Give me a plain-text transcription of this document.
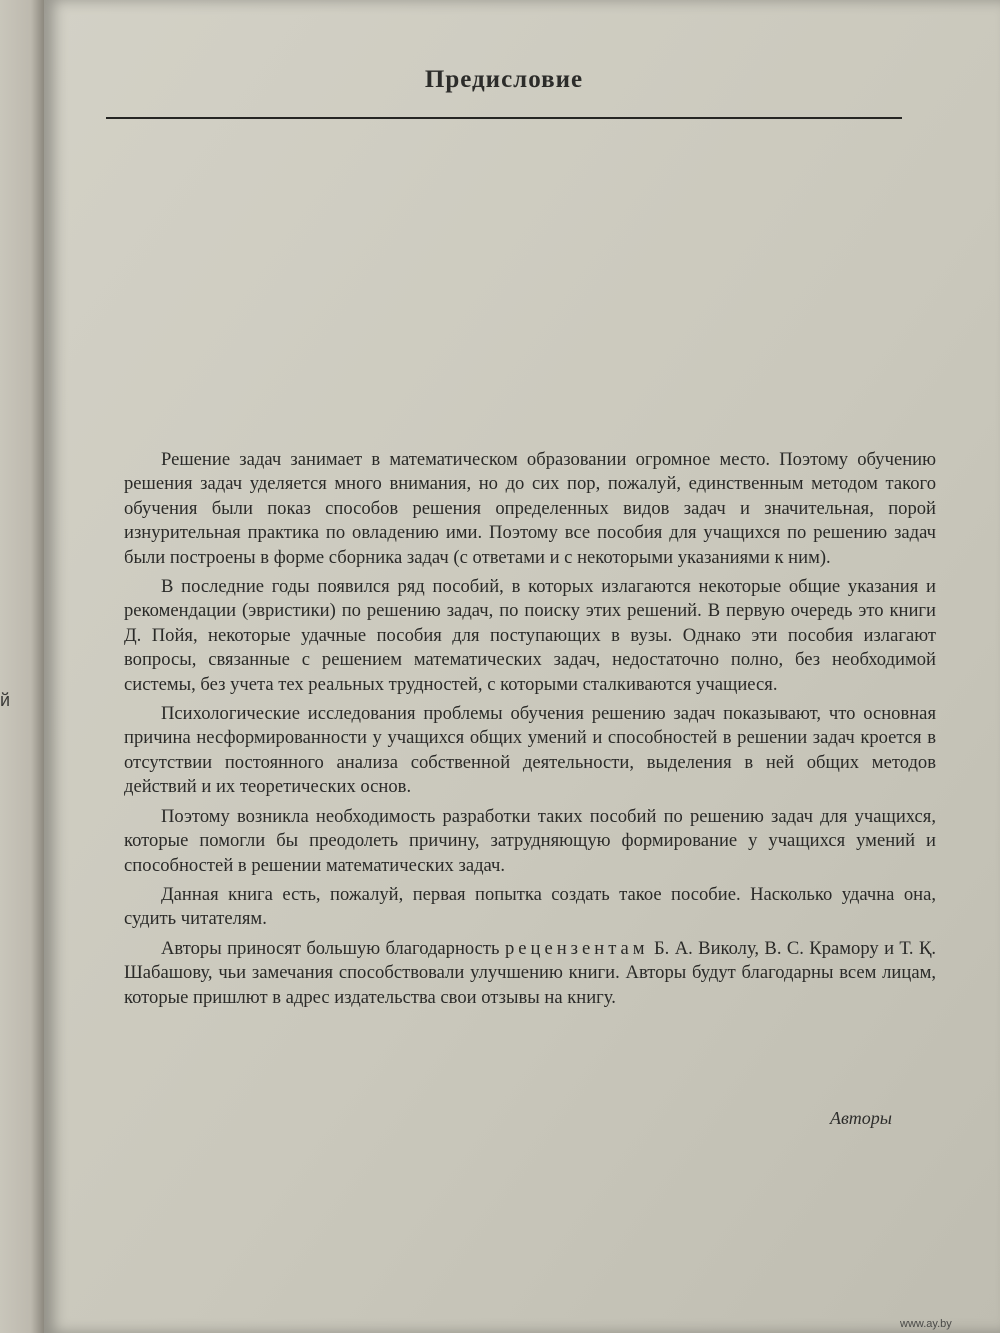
й
Предисловие

Решение задач занимает в математическом образовании огромное место. Поэтому обучению решения задач уделяется много внимания, но до сих пор, пожалуй, единственным методом такого обучения были показ способов решения определенных видов задач и значительная, порой изнурительная практика по овладению ими. Поэтому все пособия для учащихся по решению задач были построены в форме сборника задач (с ответами и с некоторыми указаниями к ним).

В последние годы появился ряд пособий, в которых излагаются некоторые общие указания и рекомендации (эвристики) по решению задач, по поиску этих решений. В первую очередь это книги Д. Пойя, некоторые удачные пособия для поступающих в вузы. Однако эти пособия излагают вопросы, связанные с решением математических задач, недостаточно полно, без необходимой системы, без учета тех реальных трудностей, с которыми сталкиваются учащиеся.

Психологические исследования проблемы обучения решению задач показывают, что основная причина несформированности у учащихся общих умений и способностей в решении задач кроется в отсутствии постоянного анализа собственной деятельности, выделения в ней общих методов действий и их теоретических основ.

Поэтому возникла необходимость разработки таких пособий по решению задач для учащихся, которые помогли бы преодолеть причину, затрудняющую формирование у учащихся умений и способностей в решении математических задач.

Данная книга есть, пожалуй, первая попытка создать такое пособие. Насколько удачна она, судить читателям.

Авторы приносят большую благодарность рецензентам Б. А. Виколу, В. С. Крамору и Т. Қ. Шабашову, чьи замечания способствовали улучшению книги. Авторы будут благодарны всем лицам, которые пришлют в адрес издательства свои отзывы на книгу.

Авторы
www.ay.by
